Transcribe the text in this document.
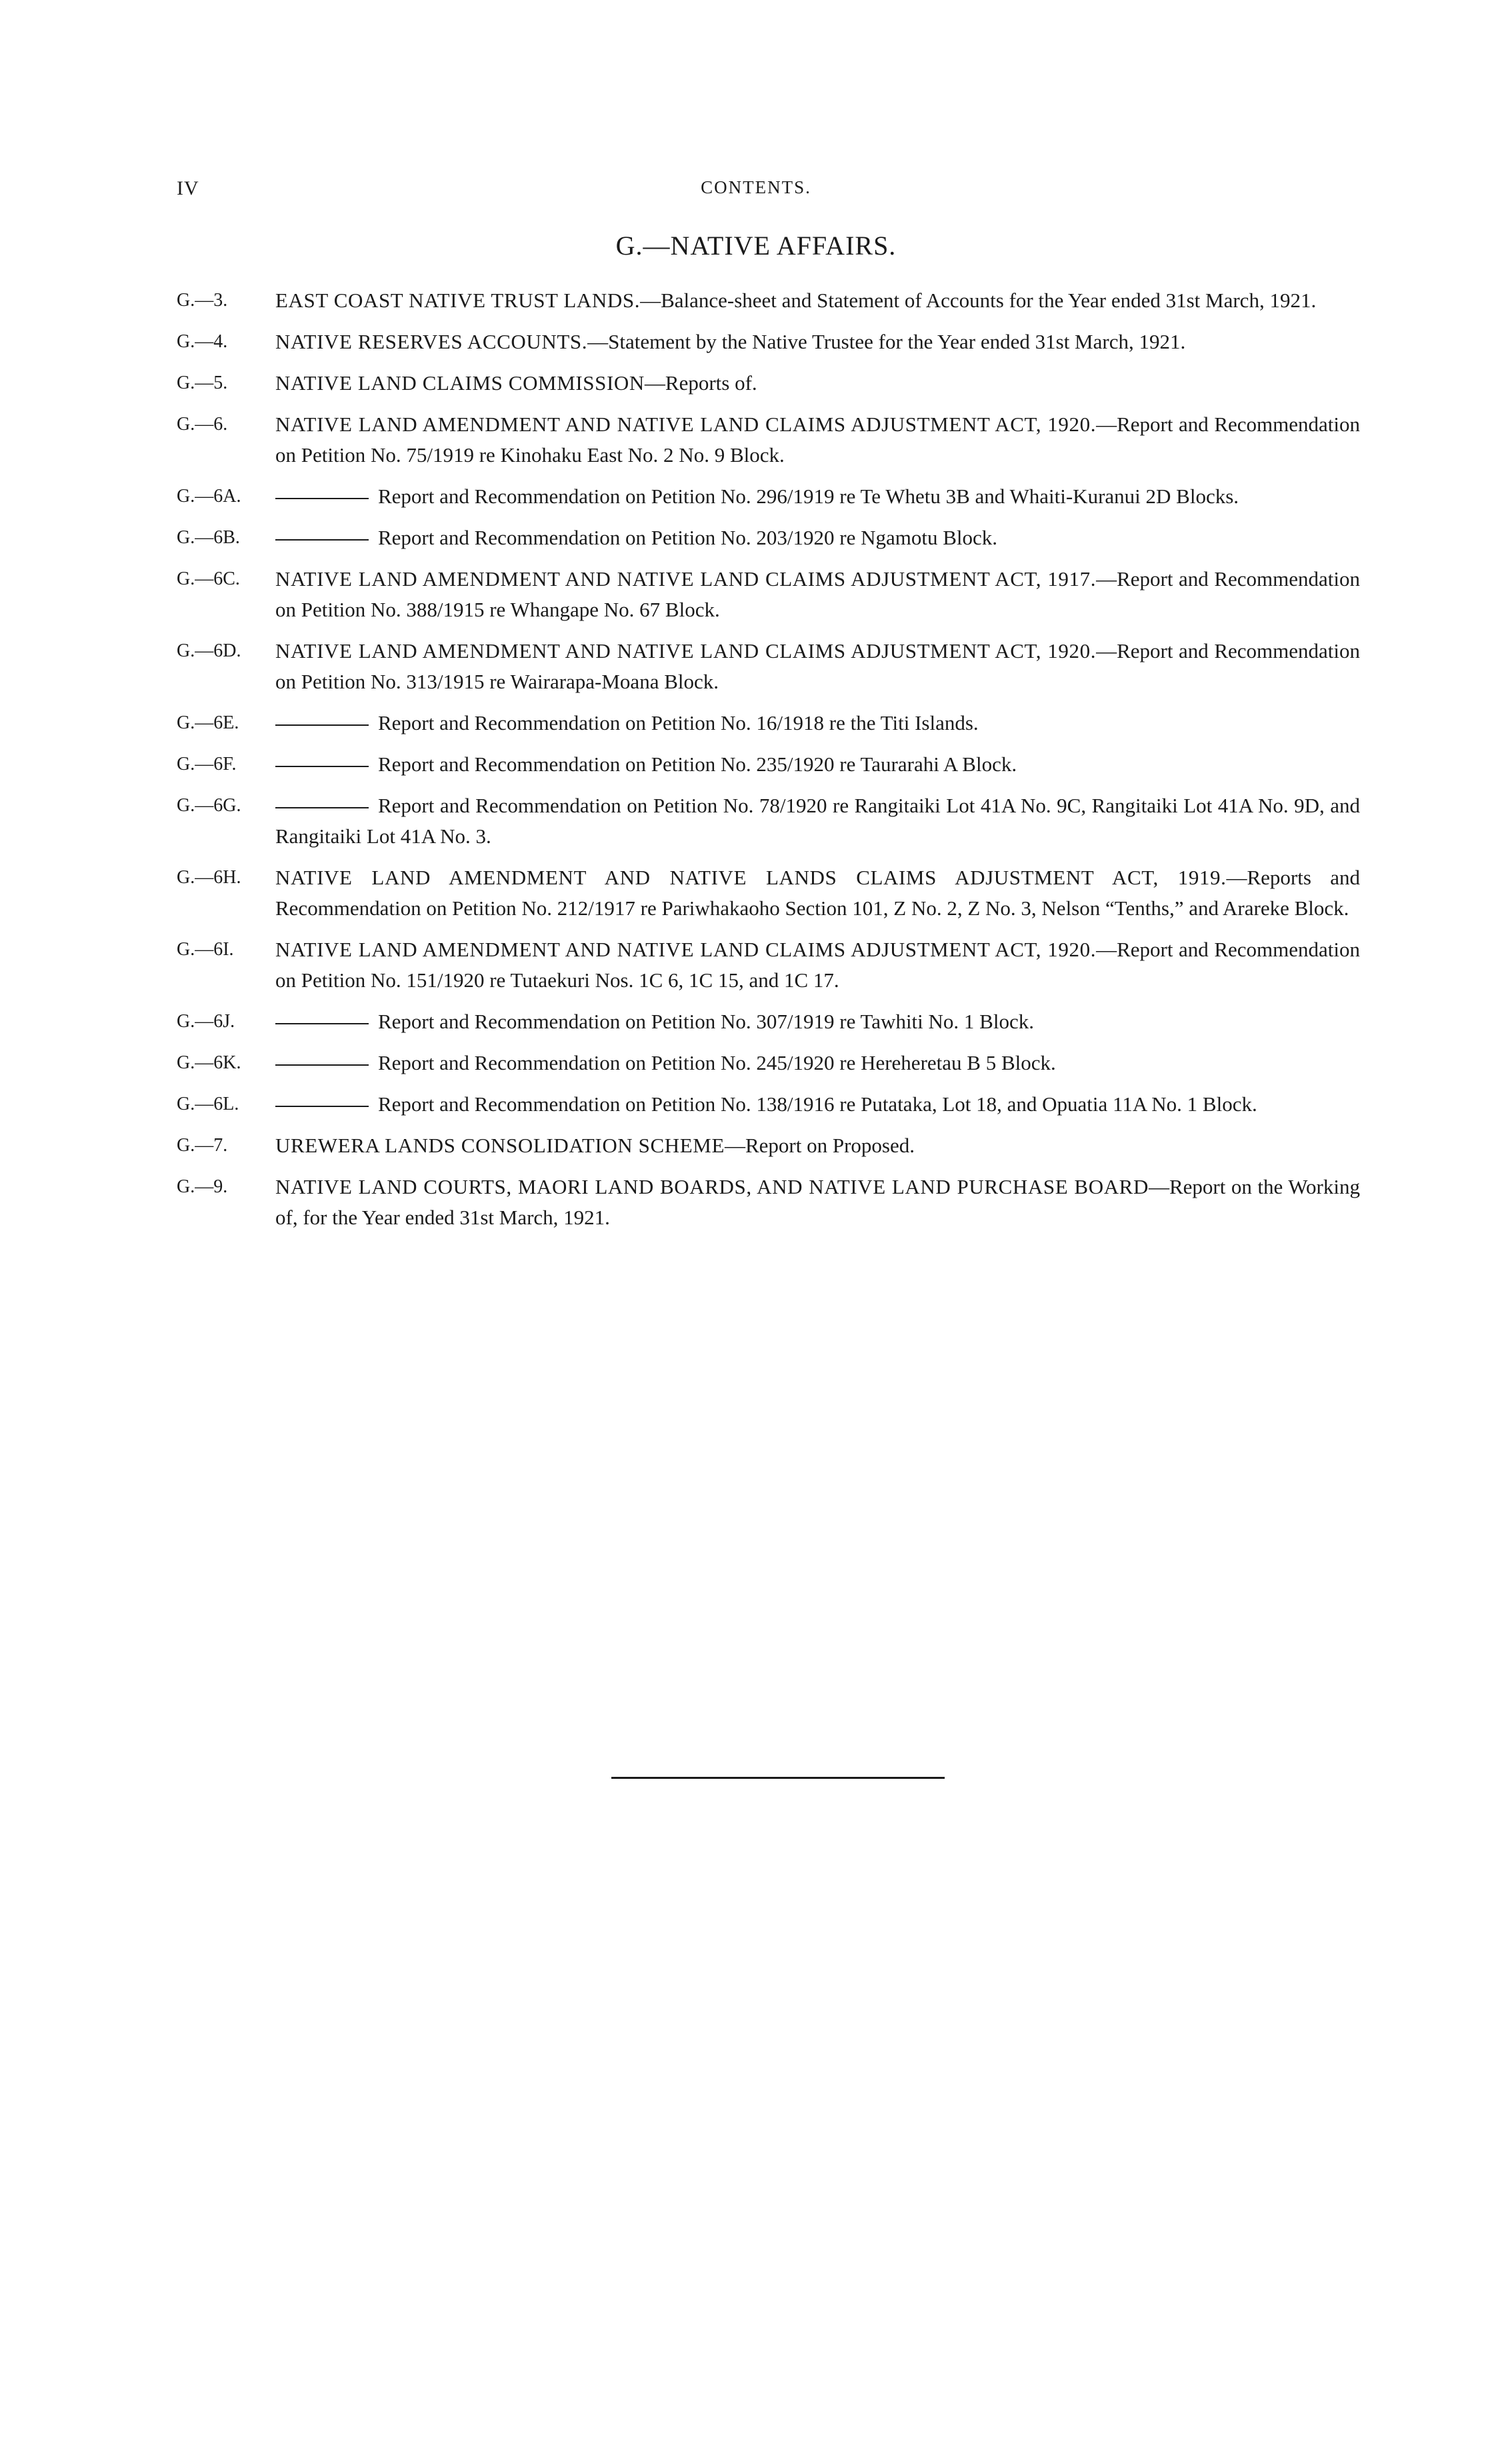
IV	CONTENTS.
G.—NATIVE AFFAIRS.
G.—3.	EAST COAST NATIVE TRUST LANDS.—Balance-sheet and Statement of Accounts for the Year ended 31st March, 1921.
G.—4.	NATIVE RESERVES ACCOUNTS.—Statement by the Native Trustee for the Year ended 31st March, 1921.
G.—5.	NATIVE LAND CLAIMS COMMISSION—Reports of.
G.—6.	NATIVE LAND AMENDMENT AND NATIVE LAND CLAIMS ADJUSTMENT ACT, 1920.—Report and Recommendation on Petition No. 75/1919 re Kinohaku East No. 2 No. 9 Block.
G.—6A.	Report and Recommendation on Petition No. 296/1919 re Te Whetu 3B and Whaiti-Kuranui 2D Blocks.
G.—6B.	Report and Recommendation on Petition No. 203/1920 re Ngamotu Block.
G.—6C.	NATIVE LAND AMENDMENT AND NATIVE LAND CLAIMS ADJUSTMENT ACT, 1917.—Report and Recommendation on Petition No. 388/1915 re Whangape No. 67 Block.
G.—6D.	NATIVE LAND AMENDMENT AND NATIVE LAND CLAIMS ADJUSTMENT ACT, 1920.—Report and Recommendation on Petition No. 313/1915 re Wairarapa-Moana Block.
G.—6E.	Report and Recommendation on Petition No. 16/1918 re the Titi Islands.
G.—6F.	Report and Recommendation on Petition No. 235/1920 re Taurarahi A Block.
G.—6G.	Report and Recommendation on Petition No. 78/1920 re Rangitaiki Lot 41A No. 9C, Rangitaiki Lot 41A No. 9D, and Rangitaiki Lot 41A No. 3.
G.—6H.	NATIVE LAND AMENDMENT AND NATIVE LANDS CLAIMS ADJUSTMENT ACT, 1919.—Reports and Recommendation on Petition No. 212/1917 re Pariwhakaoho Section 101, Z No. 2, Z No. 3, Nelson “Tenths,” and Arareke Block.
G.—6I.	NATIVE LAND AMENDMENT AND NATIVE LAND CLAIMS ADJUSTMENT ACT, 1920.—Report and Recommendation on Petition No. 151/1920 re Tutaekuri Nos. 1C 6, 1C 15, and 1C 17.
G.—6J.	Report and Recommendation on Petition No. 307/1919 re Tawhiti No. 1 Block.
G.—6K.	Report and Recommendation on Petition No. 245/1920 re Hereheretau B 5 Block.
G.—6L.	Report and Recommendation on Petition No. 138/1916 re Putataka, Lot 18, and Opuatia 11A No. 1 Block.
G.—7.	UREWERA LANDS CONSOLIDATION SCHEME—Report on Proposed.
G.—9.	NATIVE LAND COURTS, MAORI LAND BOARDS, AND NATIVE LAND PURCHASE BOARD—Report on the Working of, for the Year ended 31st March, 1921.
